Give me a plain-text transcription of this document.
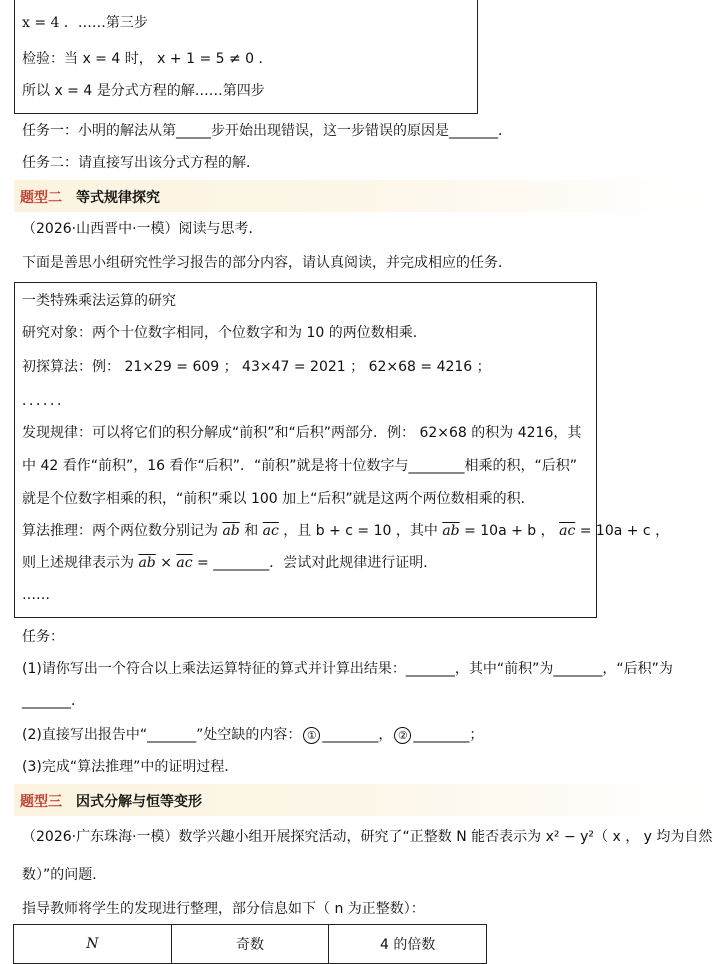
x = 4 ．……第三步
检验：当 x = 4 时， x + 1 = 5 ≠ 0 ．
所以 x = 4 是分式方程的解……第四步
任务一：小明的解法从第_____步开始出现错误，这一步错误的原因是_______．
任务二：请直接写出该分式方程的解．
题型二 等式规律探究
（2026·山西晋中·一模）阅读与思考．
下面是善思小组研究性学习报告的部分内容，请认真阅读，并完成相应的任务．
一类特殊乘法运算的研究
研究对象：两个十位数字相同，个位数字和为 10 的两位数相乘．
初探算法：例： 21×29 = 609 ； 43×47 = 2021 ； 62×68 = 4216 ；
．．．．．．
发现规律：可以将它们的积分解成“前积”和“后积”两部分．例： 62×68 的积为 4216，其
中 42 看作“前积”，16 看作“后积”．“前积”就是将十位数字与________相乘的积，“后积”
就是个位数字相乘的积，“前积”乘以 100 加上“后积”就是这两个两位数相乘的积．
算法推理：两个两位数分别记为 $\overline{ab}$ 和 $\overline{ac}$ ，且 b + c = 10 ，其中 $\overline{ab} = 10a + b$ ， $\overline{ac} = 10a + c$ ，
则上述规律表示为 $\overline{ab} \times \overline{ac}$ = ________．尝试对此规律进行证明．
……
任务：
(1)请你写出一个符合以上乘法运算特征的算式并计算出结果：_______，其中“前积”为_______，“后积”为
_______．
(2)直接写出报告中“_______”处空缺的内容： ① ________， ② ________；
(3)完成“算法推理”中的证明过程．
题型三 因式分解与恒等变形
（2026·广东珠海·一模）数学兴趣小组开展探究活动，研究了“正整数 N 能否表示为 x² − y²（ x ， y 均为自然
数）”的问题．
指导教师将学生的发现进行整理，部分信息如下（ n 为正整数）：
N	奇数	4 的倍数
